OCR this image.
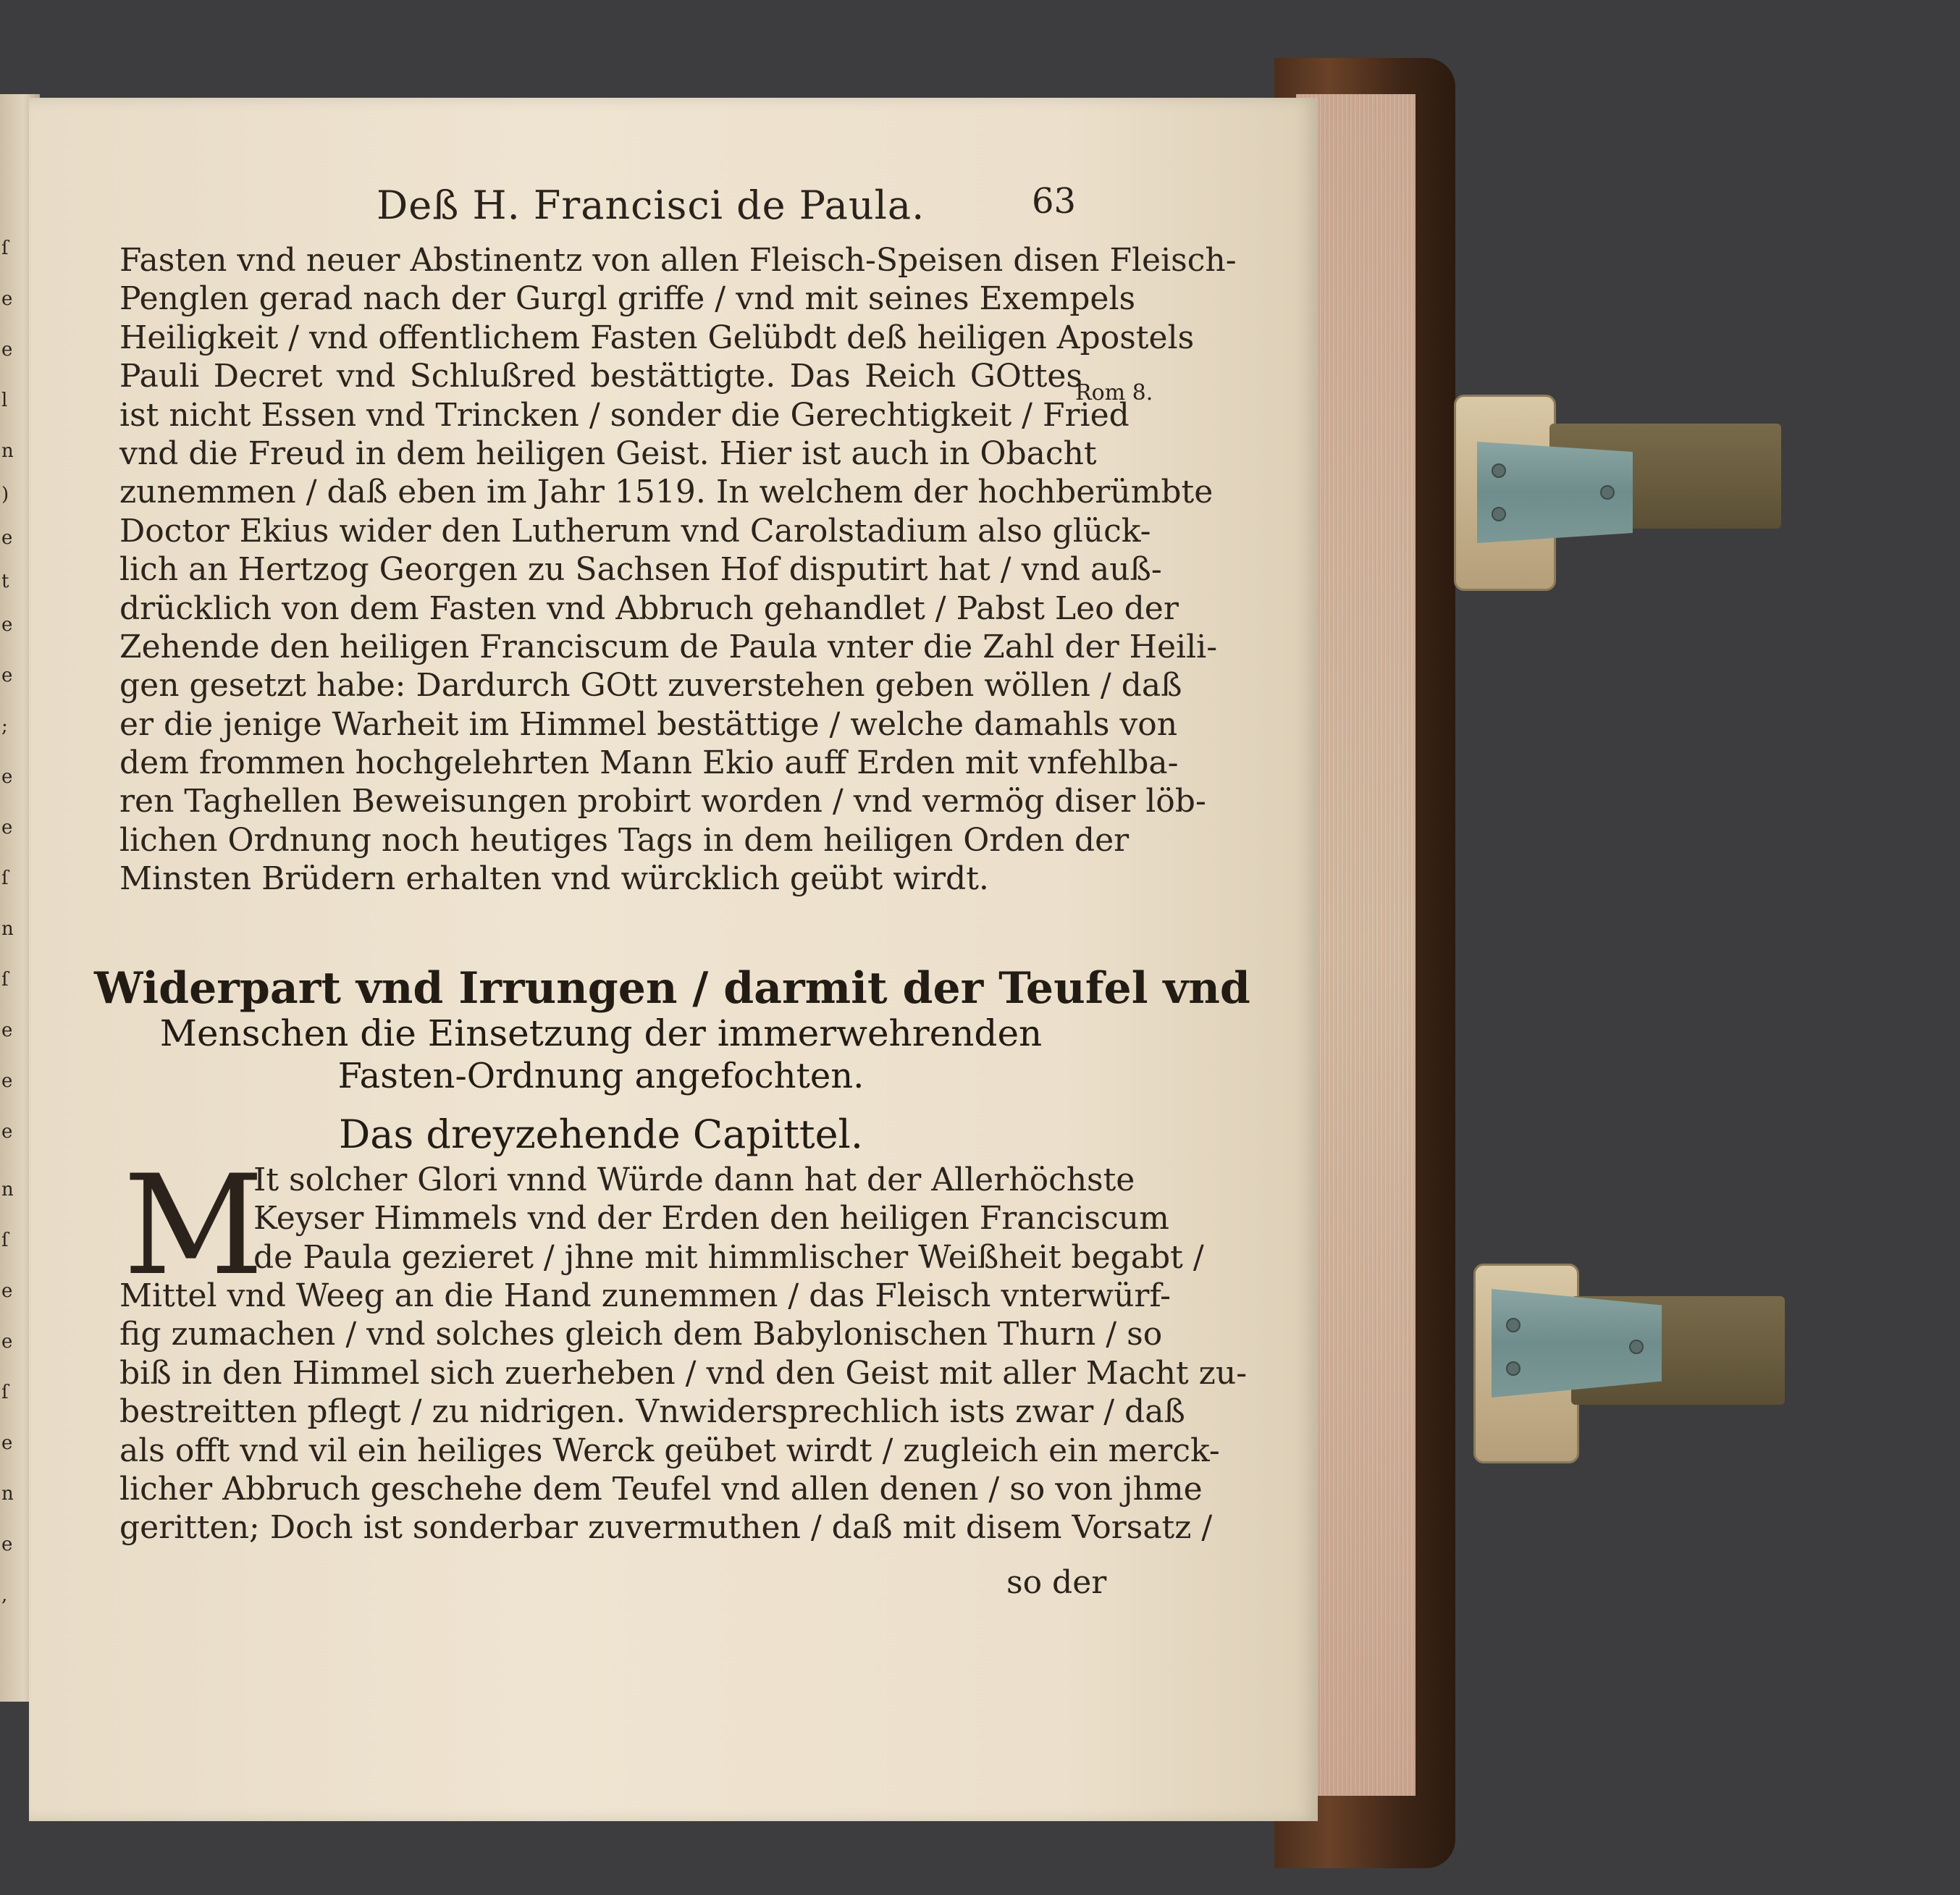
ſ
e
e
l
n
)
e
t
e
e
;
e
e
ſ
n
ſ
e
e
e
n
ſ
e
e
ſ
e
n
e
,
Deß H. Francisci de Paula.	63
Fasten vnd neuer Abstinentz von allen Fleisch-Speisen disen Fleisch-
Penglen gerad nach der Gurgl griffe / vnd mit seines Exempels
Heiligkeit / vnd offentlichem Fasten Gelübdt deß heiligen Apostels
Pauli Decret vnd Schlußred bestättigte. Das Reich GOttes
ist nicht Essen vnd Trincken / sonder die Gerechtigkeit / Fried
vnd die Freud in dem heiligen Geist. Hier ist auch in Obacht
zunemmen / daß eben im Jahr 1519. In welchem der hochberümbte
Doctor Ekius wider den Lutherum vnd Carolstadium also glück-
lich an Hertzog Georgen zu Sachsen Hof disputirt hat / vnd auß-
drücklich von dem Fasten vnd Abbruch gehandlet / Pabst Leo der
Zehende den heiligen Franciscum de Paula vnter die Zahl der Heili-
gen gesetzt habe: Dardurch GOtt zuverstehen geben wöllen / daß
er die jenige Warheit im Himmel bestättige / welche damahls von
dem frommen hochgelehrten Mann Ekio auff Erden mit vnfehlba-
ren Taghellen Beweisungen probirt worden / vnd vermög diser löb-
lichen Ordnung noch heutiges Tags in dem heiligen Orden der
Minsten Brüdern erhalten vnd würcklich geübt wirdt.
Rom 8.
Widerpart vnd Irrungen / darmit der Teufel vnd
Menschen die Einsetzung der immerwehrenden
Fasten-Ordnung angefochten.
Das dreyzehende Capittel.
M
It solcher Glori vnnd Würde dann hat der Allerhöchste
Keyser Himmels vnd der Erden den heiligen Franciscum
de Paula gezieret / jhne mit himmlischer Weißheit begabt /
Mittel vnd Weeg an die Hand zunemmen / das Fleisch vnterwürf-
fig zumachen / vnd solches gleich dem Babylonischen Thurn / so
biß in den Himmel sich zuerheben / vnd den Geist mit aller Macht zu-
bestreitten pflegt / zu nidrigen. Vnwidersprechlich ists zwar / daß
als offt vnd vil ein heiliges Werck geübet wirdt / zugleich ein merck-
licher Abbruch geschehe dem Teufel vnd allen denen / so von jhme
geritten; Doch ist sonderbar zuvermuthen / daß mit disem Vorsatz /
so der
